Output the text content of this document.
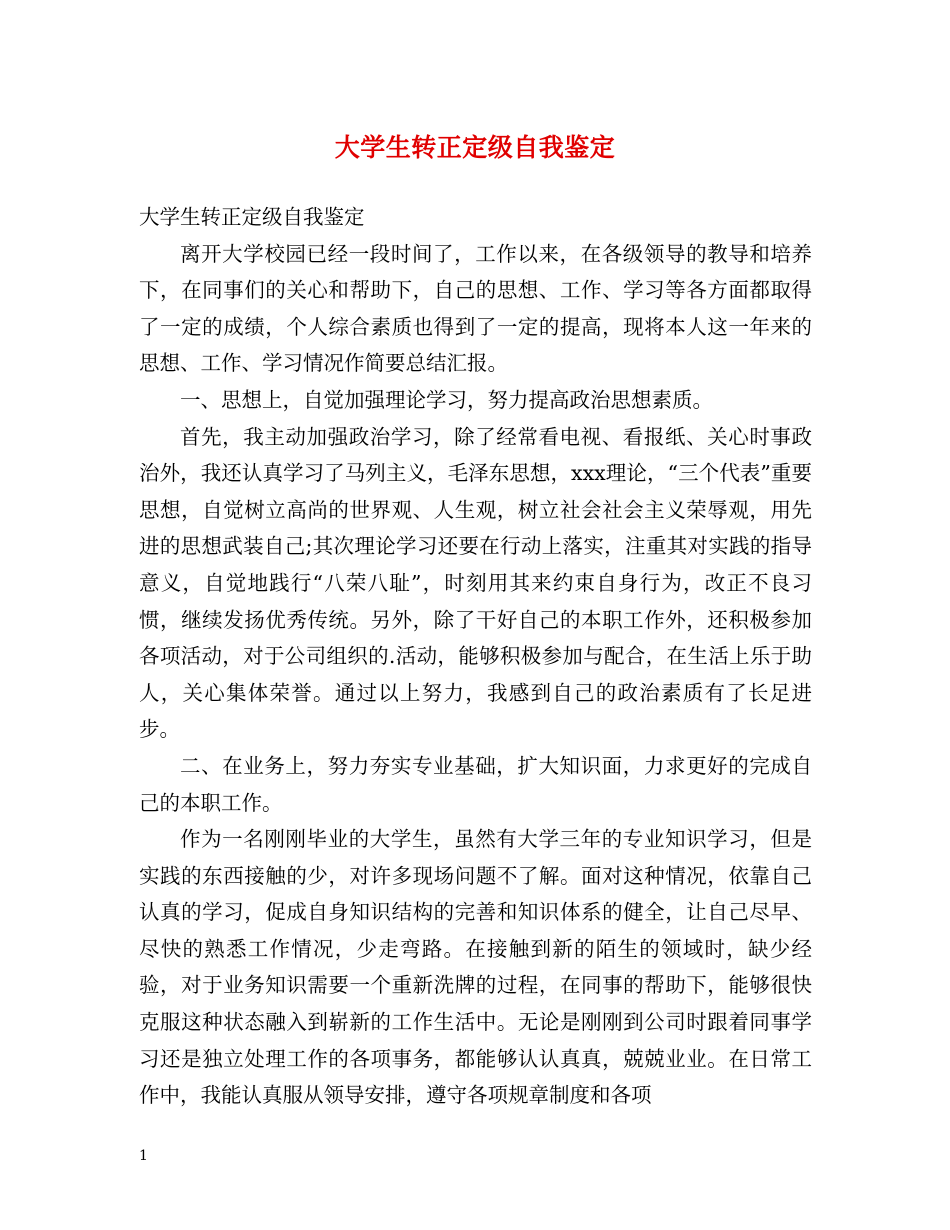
大学生转正定级自我鉴定

大学生转正定级自我鉴定

离开大学校园已经一段时间了，工作以来，在各级领导的教导和培养下，在同事们的关心和帮助下，自己的思想、工作、学习等各方面都取得了一定的成绩，个人综合素质也得到了一定的提高，现将本人这一年来的思想、工作、学习情况作简要总结汇报。

一、思想上，自觉加强理论学习，努力提高政治思想素质。

首先，我主动加强政治学习，除了经常看电视、看报纸、关心时事政治外，我还认真学习了马列主义，毛泽东思想，xxx理论，“三个代表”重要思想，自觉树立高尚的世界观、人生观，树立社会社会主义荣辱观，用先进的思想武装自己;其次理论学习还要在行动上落实，注重其对实践的指导意义，自觉地践行“八荣八耻”，时刻用其来约束自身行为，改正不良习惯，继续发扬优秀传统。另外，除了干好自己的本职工作外，还积极参加各项活动，对于公司组织的.活动，能够积极参加与配合，在生活上乐于助人，关心集体荣誉。通过以上努力，我感到自己的政治素质有了长足进步。

二、在业务上，努力夯实专业基础，扩大知识面，力求更好的完成自己的本职工作。

作为一名刚刚毕业的大学生，虽然有大学三年的专业知识学习，但是实践的东西接触的少，对许多现场问题不了解。面对这种情况，依靠自己认真的学习，促成自身知识结构的完善和知识体系的健全，让自己尽早、尽快的熟悉工作情况，少走弯路。在接触到新的陌生的领域时，缺少经验，对于业务知识需要一个重新洗牌的过程，在同事的帮助下，能够很快克服这种状态融入到崭新的工作生活中。无论是刚刚到公司时跟着同事学习还是独立处理工作的各项事务，都能够认认真真，兢兢业业。在日常工作中，我能认真服从领导安排，遵守各项规章制度和各项

1
